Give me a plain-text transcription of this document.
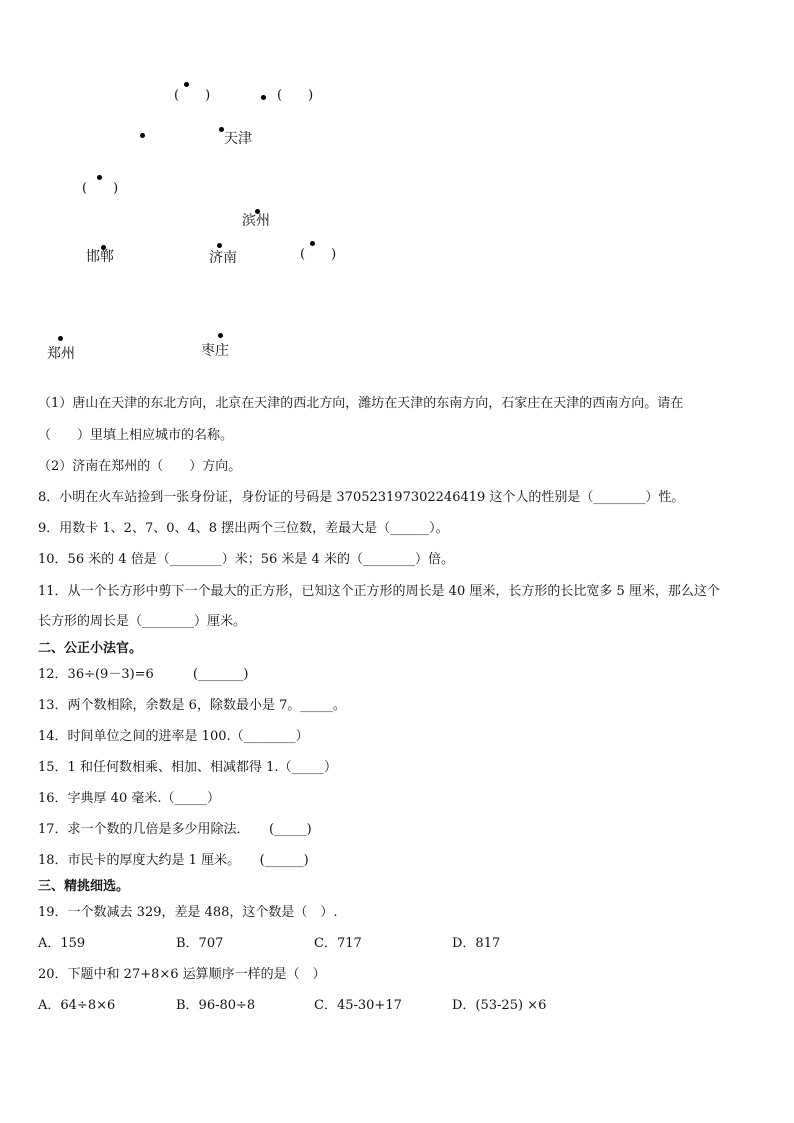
(　　)	(　　)
天津
(　　)
滨州
邯郸	济南	(　　)
郑州	枣庄
（1）唐山在天津的东北方向，北京在天津的西北方向，潍坊在天津的东南方向，石家庄在天津的西南方向。请在
（　　）里填上相应城市的名称。
（2）济南在郑州的（　　）方向。
8．小明在火车站捡到一张身份证，身份证的号码是 370523197302246419 这个人的性别是（________）性。
9．用数卡 1、2、7、0、4、8 摆出两个三位数，差最大是（______）。
10．56 米的 4 倍是（________）米；56 米是 4 米的（________）倍。
11．从一个长方形中剪下一个最大的正方形，已知这个正方形的周长是 40 厘米，长方形的长比宽多 5 厘米，那么这个
长方形的周长是（________）厘米。
二、公正小法官。
12．36÷(9－3)=6　　　(_______)
13．两个数相除，余数是 6，除数最小是 7。_____。
14．时间单位之间的进率是 100.（________）
15．1 和任何数相乘、相加、相减都得 1.（_____）
16．字典厚 40 毫米.（_____）
17．求一个数的几倍是多少用除法．　　(_____)
18．市民卡的厚度大约是 1 厘米。　　(______)
三、精挑细选。
19．一个数减去 329，差是 488，这个数是（　）.
A．159	B．707	C．717	D．817
20．下题中和 27+8×6 运算顺序一样的是（　）
A．64÷8×6	B．96-80÷8	C．45-30+17	D．(53-25) ×6
